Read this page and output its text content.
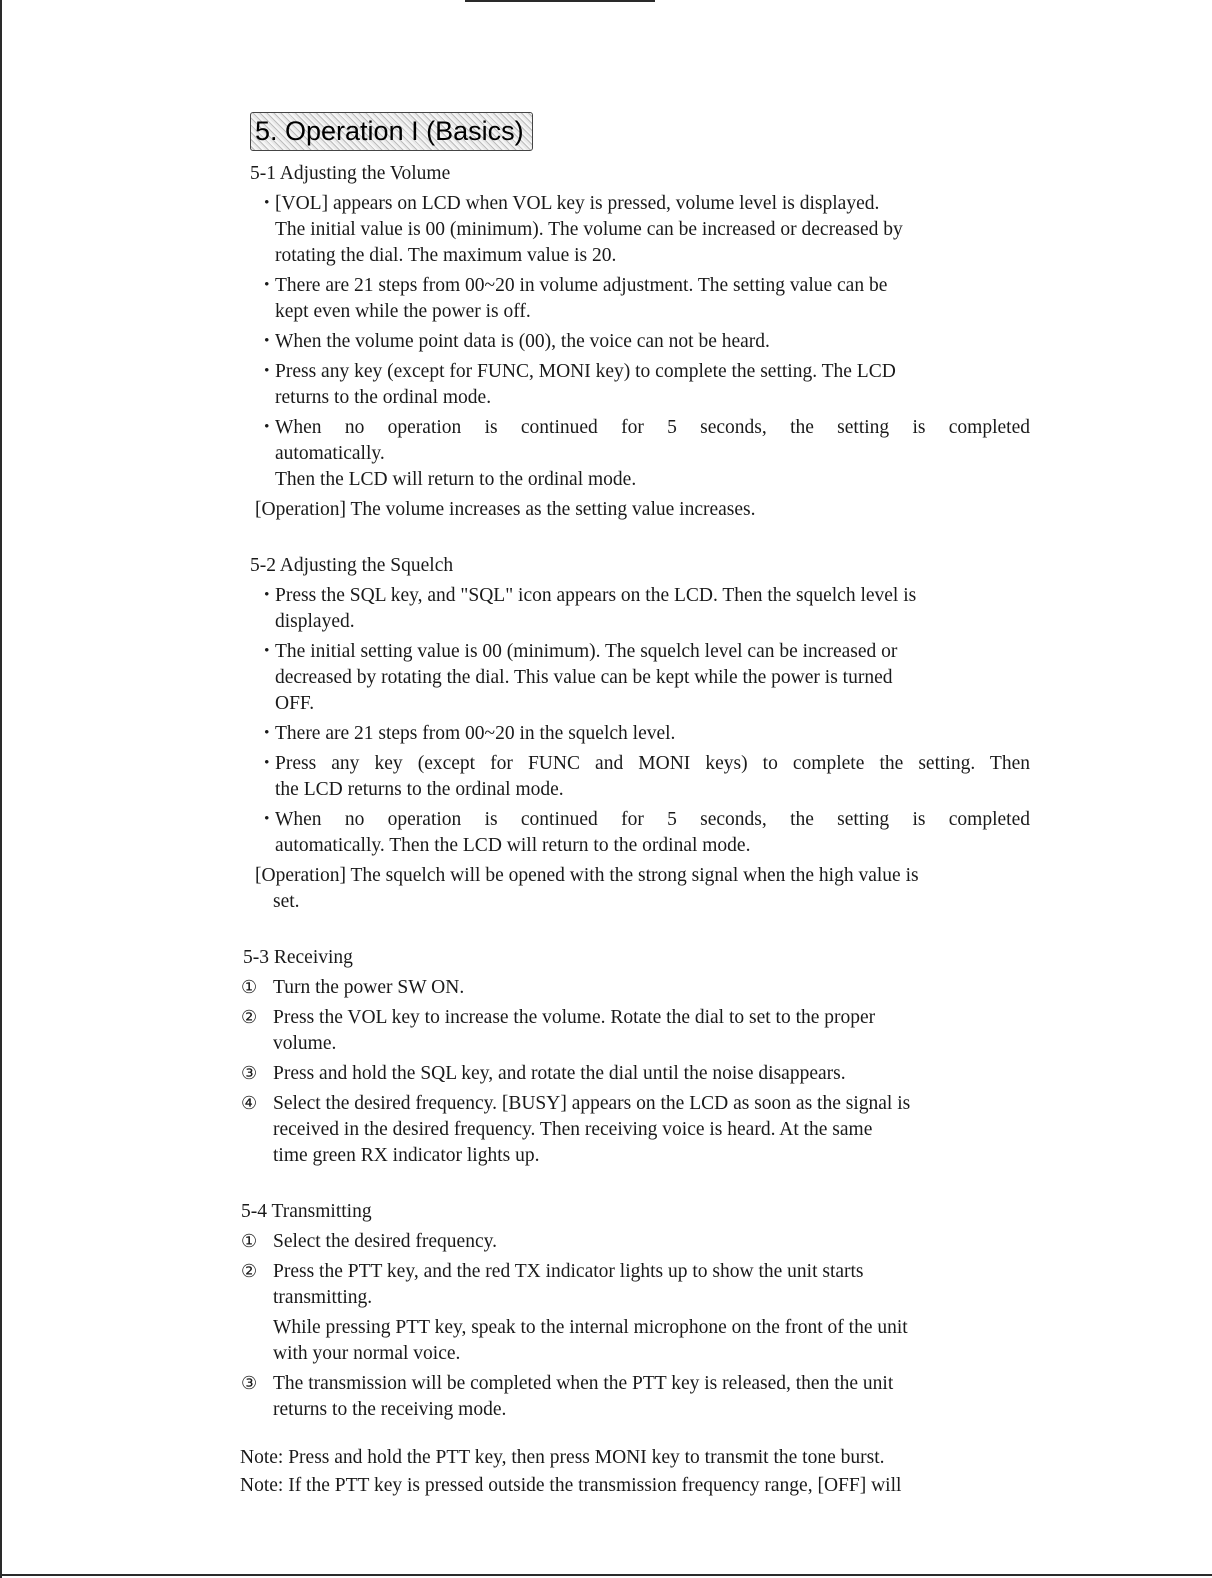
5. Operation I (Basics)
5-1 Adjusting the Volume
・
[VOL] appears on LCD when VOL key is pressed, volume level is displayed.
The initial value is 00 (minimum). The volume can be increased or decreased by
rotating the dial. The maximum value is 20.
・
There are 21 steps from 00~20 in volume adjustment. The setting value can be
kept even while the power is off.
・
When the volume point data is (00), the voice can not be heard.
・
Press any key (except for FUNC, MONI key) to complete the setting. The LCD
returns to the ordinal mode.
・
When no operation is continued for 5 seconds, the setting is completed
automatically.
Then the LCD will return to the ordinal mode.
[Operation] The volume increases as the setting value increases.
5-2 Adjusting the Squelch
・
Press the SQL key, and "SQL" icon appears on the LCD. Then the squelch level is
displayed.
・
The initial setting value is 00 (minimum). The squelch level can be increased or
decreased by rotating the dial. This value can be kept while the power is turned
OFF.
・
There are 21 steps from 00~20 in the squelch level.
・
Press any key (except for FUNC and MONI keys) to complete the setting. Then
the LCD returns to the ordinal mode.
・
When no operation is continued for 5 seconds, the setting is completed
automatically. Then the LCD will return to the ordinal mode.
[Operation] The squelch will be opened with the strong signal when the high value is
set.
5-3 Receiving
① Turn the power SW ON.
② Press the VOL key to increase the volume. Rotate the dial to set to the proper
volume.
③ Press and hold the SQL key, and rotate the dial until the noise disappears.
④ Select the desired frequency. [BUSY] appears on the LCD as soon as the signal is
received in the desired frequency. Then receiving voice is heard. At the same
time green RX indicator lights up.
5-4 Transmitting
① Select the desired frequency.
② Press the PTT key, and the red TX indicator lights up to show the unit starts
transmitting.
While pressing PTT key, speak to the internal microphone on the front of the unit
with your normal voice.
③ The transmission will be completed when the PTT key is released, then the unit
returns to the receiving mode.
Note: Press and hold the PTT key, then press MONI key to transmit the tone burst.
Note: If the PTT key is pressed outside the transmission frequency range, [OFF] will
